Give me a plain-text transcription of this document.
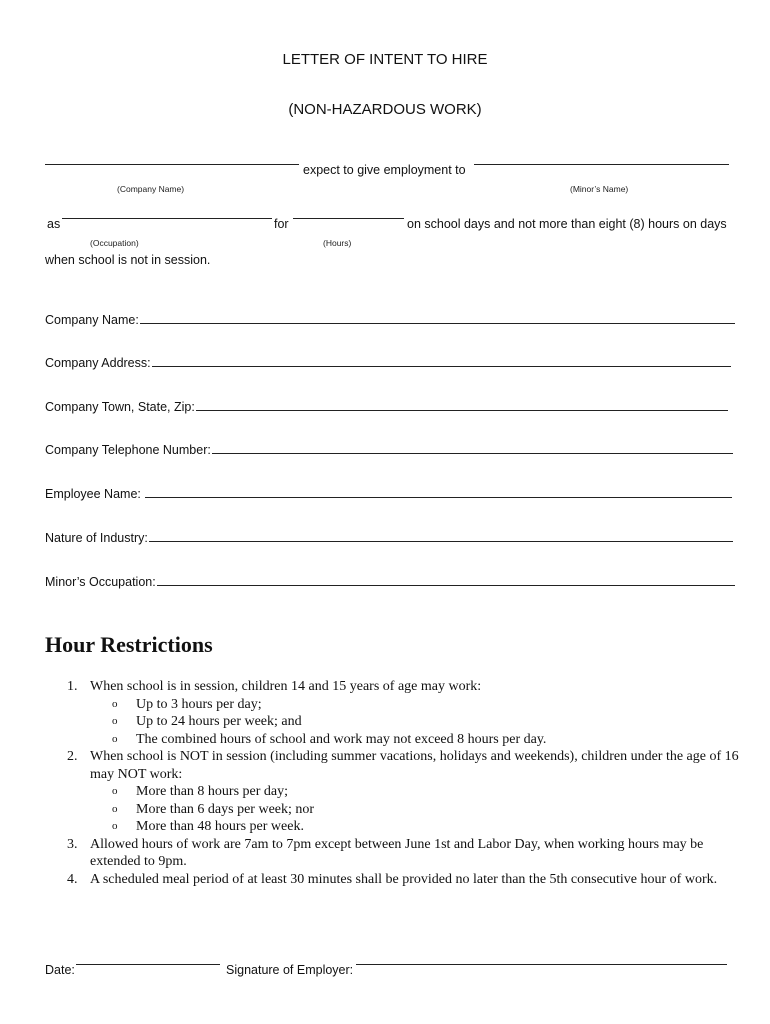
LETTER OF INTENT TO HIRE
(NON-HAZARDOUS WORK)
expect to give employment to
(Company Name)	(Minor’s Name)
as	for	on school days and not more than eight (8) hours on days
(Occupation)	(Hours)
when school is not in session.
Company Name:
Company Address:
Company Town, State, Zip:
Company Telephone Number:
Employee Name:
Nature of Industry:
Minor’s Occupation:
Hour Restrictions
1. When school is in session, children 14 and 15 years of age may work:
o Up to 3 hours per day;
o Up to 24 hours per week; and
o The combined hours of school and work may not exceed 8 hours per day.
2. When school is NOT in session (including summer vacations, holidays and weekends), children under the age of 16 may NOT work:
o More than 8 hours per day;
o More than 6 days per week; nor
o More than 48 hours per week.
3. Allowed hours of work are 7am to 7pm except between June 1st and Labor Day, when working hours may be extended to 9pm.
4. A scheduled meal period of at least 30 minutes shall be provided no later than the 5th consecutive hour of work.
Date:	Signature of Employer:
